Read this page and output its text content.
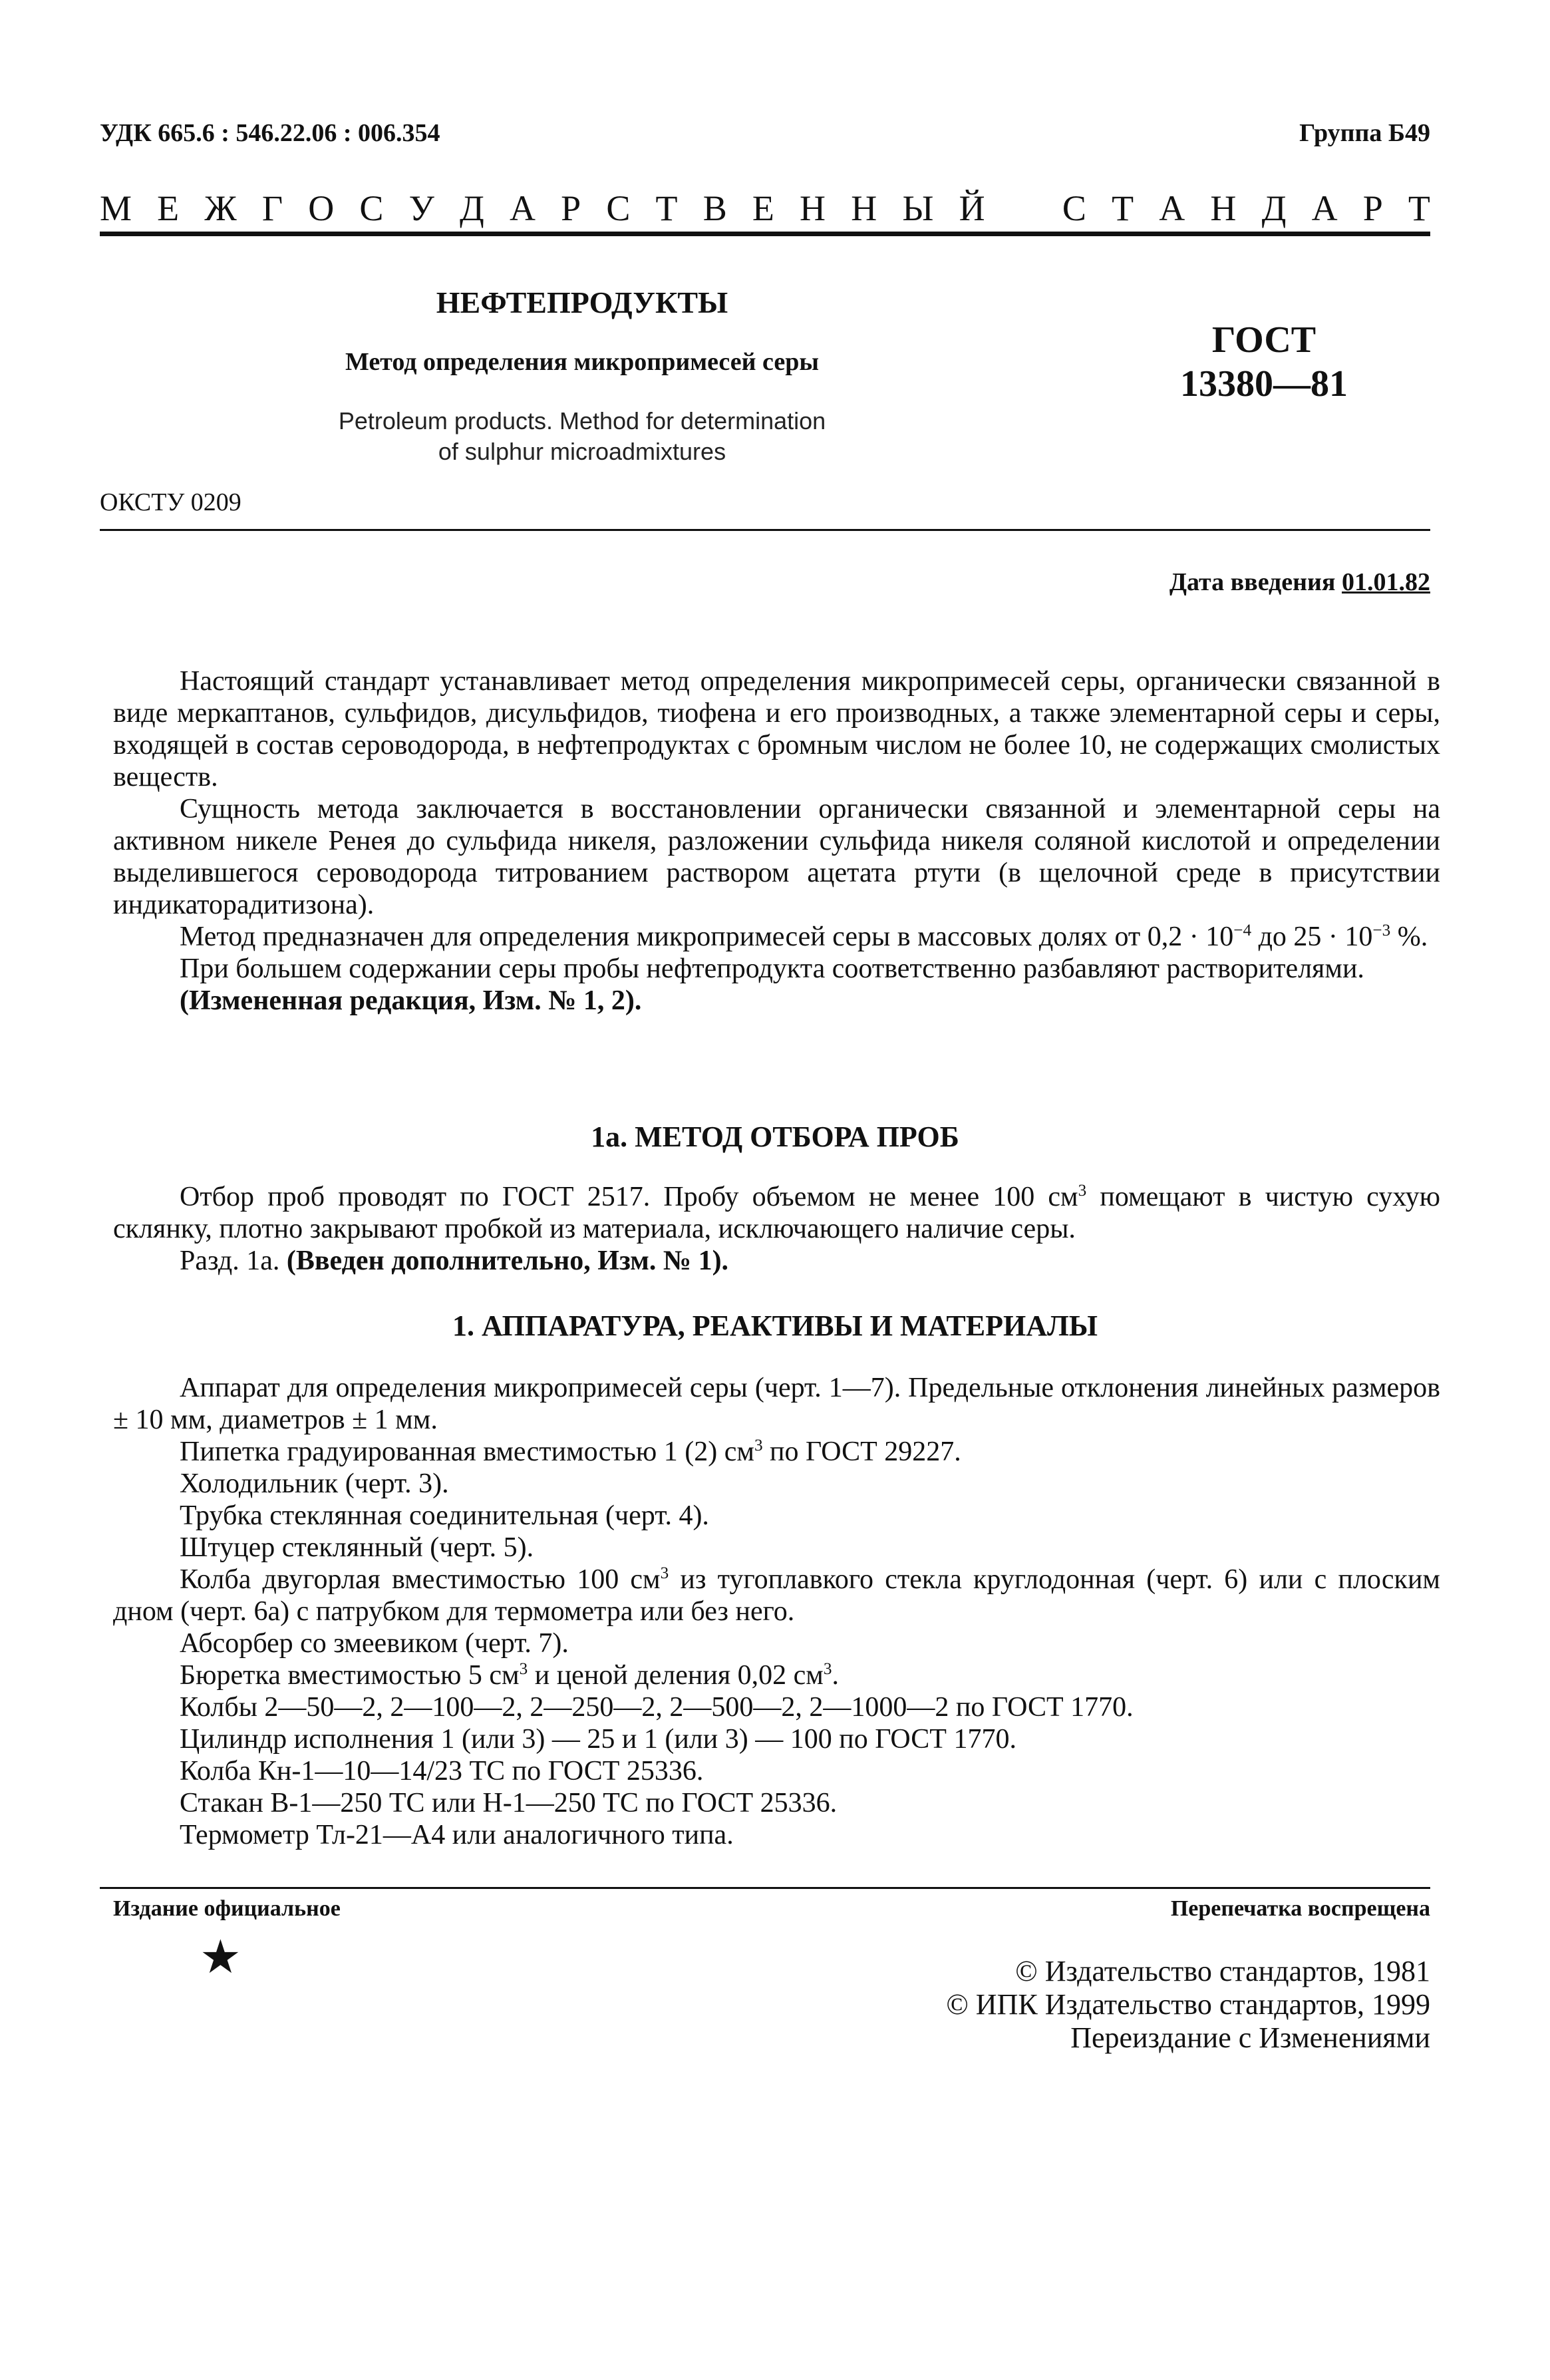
УДК 665.6 : 546.22.06 : 006.354	Группа Б49
М Е Ж Г О С У Д А Р С Т В Е Н Н Ы Й С Т А Н Д А Р Т
НЕФТЕПРОДУКТЫ
Метод определения микропримесей серы
Petroleum products. Method for determination
of sulphur microadmixtures
ГОСТ
13380—81
ОКСТУ 0209
Дата введения 01.01.82

Настоящий стандарт устанавливает метод определения микропримесей серы, органически связанной в виде меркаптанов, сульфидов, дисульфидов, тиофена и его производных, а также элементарной серы и серы, входящей в состав сероводорода, в нефтепродуктах с бромным числом не более 10, не содержащих смолистых веществ.

Сущность метода заключается в восстановлении органически связанной и элементарной серы на активном никеле Ренея до сульфида никеля, разложении сульфида никеля соляной кислотой и определении выделившегося сероводорода титрованием раствором ацетата ртути (в щелочной среде в присутствии индикаторадитизона).

Метод предназначен для определения микропримесей серы в массовых долях от $0,2 \cdot 10^{-4}$ до $25 \cdot 10^{-3}$ %.

При большем содержании серы пробы нефтепродукта соответственно разбавляют растворителями.

(Измененная редакция, Изм. № 1, 2).

1а. МЕТОД ОТБОРА ПРОБ

Отбор проб проводят по ГОСТ 2517. Пробу объемом не менее 100 $см^3$ помещают в чистую сухую склянку, плотно закрывают пробкой из материала, исключающего наличие серы.

Разд. 1а. (Введен дополнительно, Изм. № 1).

1. АППАРАТУРА, РЕАКТИВЫ И МАТЕРИАЛЫ

Аппарат для определения микропримесей серы (черт. 1—7). Предельные отклонения линейных размеров ± 10 мм, диаметров ± 1 мм.

Пипетка градуированная вместимостью 1 (2) $см^3$ по ГОСТ 29227.

Холодильник (черт. 3).

Трубка стеклянная соединительная (черт. 4).

Штуцер стеклянный (черт. 5).

Колба двугорлая вместимостью 100 $см^3$ из тугоплавкого стекла круглодонная (черт. 6) или с плоским дном (черт. 6а) с патрубком для термометра или без него.

Абсорбер со змеевиком (черт. 7).

Бюретка вместимостью 5 $см^3$ и ценой деления 0,02 $см^3$.

Колбы 2—50—2, 2—100—2, 2—250—2, 2—500—2, 2—1000—2 по ГОСТ 1770.

Цилиндр исполнения 1 (или 3) — 25 и 1 (или 3) — 100 по ГОСТ 1770.

Колба Кн-1—10—14/23 ТС по ГОСТ 25336.

Стакан В-1—250 ТС или Н-1—250 ТС по ГОСТ 25336.

Термометр Тл-21—А4 или аналогичного типа.

Издание официальное	Перепечатка воспрещена
★	© Издательство стандартов, 1981
© ИПК Издательство стандартов, 1999
Переиздание с Изменениями
